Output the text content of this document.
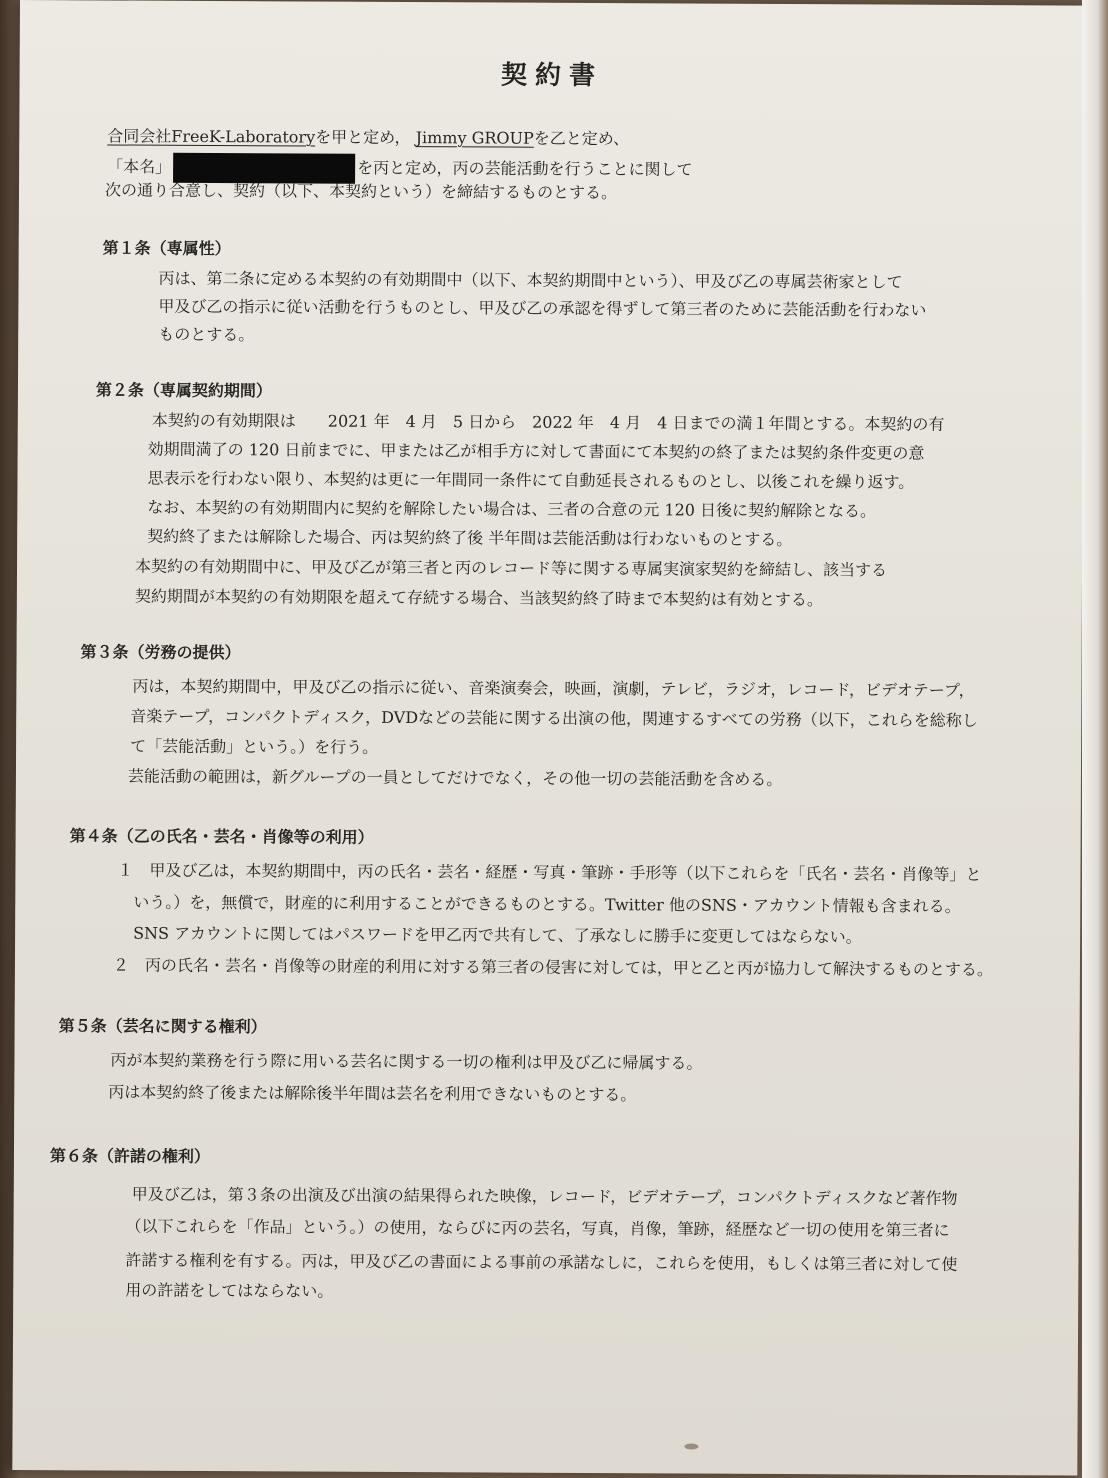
契約書
合同会社FreeK-Laboratoryを甲と定め， Jimmy GROUPを乙と定め、
「本名」	を丙と定め，丙の芸能活動を行うことに関して
次の通り合意し、契約（以下、本契約という）を締結するものとする。
第１条（専属性）
丙は、第二条に定める本契約の有効期間中（以下、本契約期間中という）、甲及び乙の専属芸術家として
甲及び乙の指示に従い活動を行うものとし、甲及び乙の承認を得ずして第三者のために芸能活動を行わない
ものとする。
第２条（専属契約期間）
本契約の有効期限は　　2021 年　4 月　5 日から　2022 年　4 月　4 日までの満１年間とする。本契約の有
効期間満了の 120 日前までに、甲または乙が相手方に対して書面にて本契約の終了または契約条件変更の意
思表示を行わない限り、本契約は更に一年間同一条件にて自動延長されるものとし、以後これを繰り返す。
なお、本契約の有効期間内に契約を解除したい場合は、三者の合意の元 120 日後に契約解除となる。
契約終了または解除した場合、丙は契約終了後 半年間は芸能活動は行わないものとする。
本契約の有効期間中に、甲及び乙が第三者と丙のレコード等に関する専属実演家契約を締結し、該当する
契約期間が本契約の有効期限を超えて存続する場合、当該契約終了時まで本契約は有効とする。
第３条（労務の提供）
丙は，本契約期間中，甲及び乙の指示に従い、音楽演奏会，映画，演劇，テレビ，ラジオ，レコード，ビデオテープ，
音楽テープ，コンパクトディスク，DVDなどの芸能に関する出演の他，関連するすべての労務（以下，これらを総称し
て「芸能活動」という。）を行う。
芸能活動の範囲は，新グループの一員としてだけでなく，その他一切の芸能活動を含める。
第４条（乙の氏名・芸名・肖像等の利用）
１　甲及び乙は，本契約期間中，丙の氏名・芸名・経歴・写真・筆跡・手形等（以下これらを「氏名・芸名・肖像等」と
いう。）を，無償で，財産的に利用することができるものとする。Twitter 他のSNS・アカウント情報も含まれる。
SNS アカウントに関してはパスワードを甲乙丙で共有して、了承なしに勝手に変更してはならない。
２　丙の氏名・芸名・肖像等の財産的利用に対する第三者の侵害に対しては，甲と乙と丙が協力して解決するものとする。
第５条（芸名に関する権利）
丙が本契約業務を行う際に用いる芸名に関する一切の権利は甲及び乙に帰属する。
丙は本契約終了後または解除後半年間は芸名を利用できないものとする。
第６条（許諾の権利）
甲及び乙は，第３条の出演及び出演の結果得られた映像，レコード，ビデオテープ，コンパクトディスクなど著作物
（以下これらを「作品」という。）の使用，ならびに丙の芸名，写真，肖像，筆跡，経歴など一切の使用を第三者に
許諾する権利を有する。丙は，甲及び乙の書面による事前の承諾なしに，これらを使用，もしくは第三者に対して使
用の許諾をしてはならない。
